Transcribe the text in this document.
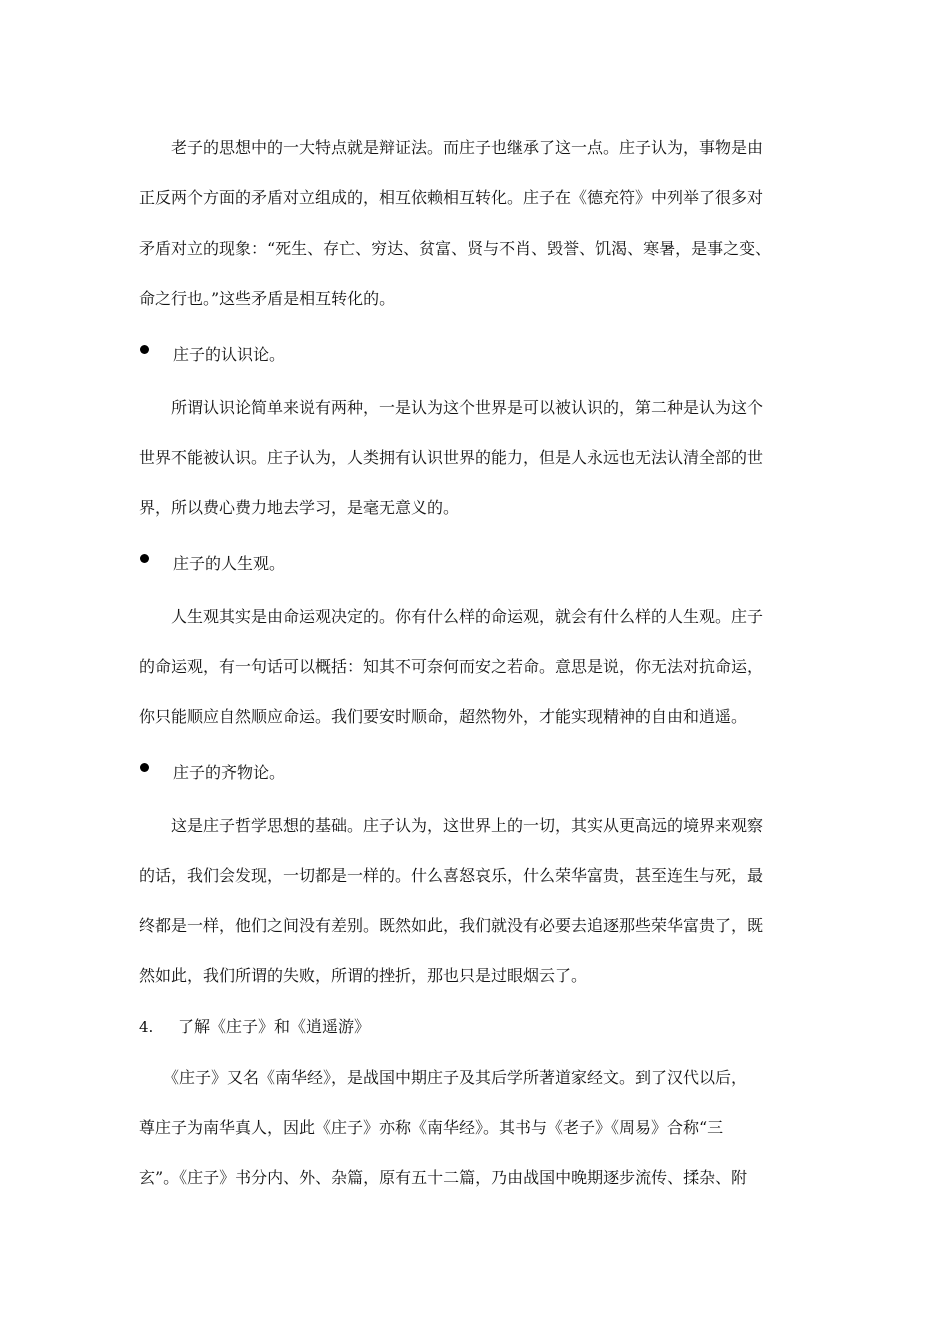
　　老子的思想中的一大特点就是辩证法。而庄子也继承了这一点。庄子认为，事物是由
正反两个方面的矛盾对立组成的，相互依赖相互转化。庄子在《德充符》中列举了很多对
矛盾对立的现象：“死生、存亡、穷达、贫富、贤与不肖、毁誉、饥渴、寒暑，是事之变、
命之行也。”这些矛盾是相互转化的。
庄子的认识论。
　　所谓认识论简单来说有两种，一是认为这个世界是可以被认识的，第二种是认为这个
世界不能被认识。庄子认为，人类拥有认识世界的能力，但是人永远也无法认清全部的世
界，所以费心费力地去学习，是毫无意义的。
庄子的人生观。
　　人生观其实是由命运观决定的。你有什么样的命运观，就会有什么样的人生观。庄子
的命运观，有一句话可以概括：知其不可奈何而安之若命。意思是说，你无法对抗命运，
你只能顺应自然顺应命运。我们要安时顺命，超然物外，才能实现精神的自由和逍遥。
庄子的齐物论。
　　这是庄子哲学思想的基础。庄子认为，这世界上的一切，其实从更高远的境界来观察
的话，我们会发现，一切都是一样的。什么喜怒哀乐，什么荣华富贵，甚至连生与死，最
终都是一样，他们之间没有差别。既然如此，我们就没有必要去追逐那些荣华富贵了，既
然如此，我们所谓的失败，所谓的挫折，那也只是过眼烟云了。
4. 了解《庄子》和《逍遥游》
　　《庄子》又名《南华经》，是战国中期庄子及其后学所著道家经文。到了汉代以后，
尊庄子为南华真人，因此《庄子》亦称《南华经》。其书与《老子》《周易》合称“三
玄”。《庄子》书分内、外、杂篇，原有五十二篇，乃由战国中晚期逐步流传、揉杂、附
